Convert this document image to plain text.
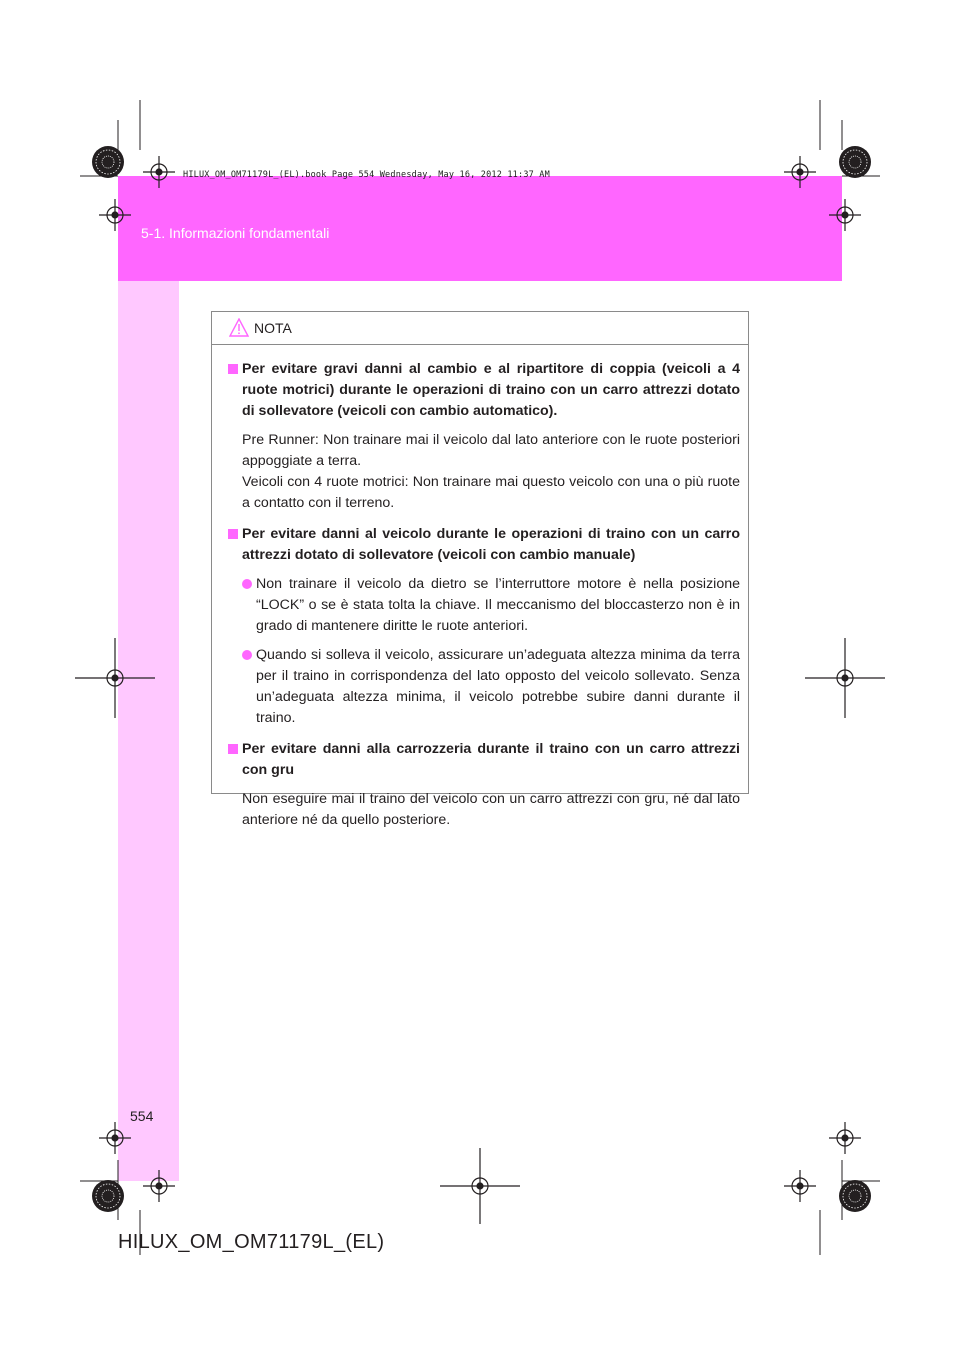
HILUX_OM_OM71179L_(EL).book Page 554 Wednesday, May 16, 2012 11:37 AM
5-1. Informazioni fondamentali
NOTA
Per evitare gravi danni al cambio e al ripartitore di coppia (veicoli a 4 ruote motrici) durante le operazioni di traino con un carro attrezzi dotato di sollevatore (veicoli con cambio automatico).
Pre Runner: Non trainare mai il veicolo dal lato anteriore con le ruote posteriori appoggiate a terra.
Veicoli con 4 ruote motrici: Non trainare mai questo veicolo con una o più ruote a contatto con il terreno.
Per evitare danni al veicolo durante le operazioni di traino con un carro attrezzi dotato di sollevatore (veicoli con cambio manuale)
Non trainare il veicolo da dietro se l’interruttore motore è nella posizione “LOCK” o se è stata tolta la chiave. Il meccanismo del bloccasterzo non è in grado di mantenere diritte le ruote anteriori.
Quando si solleva il veicolo, assicurare un’adeguata altezza minima da terra per il traino in corrispondenza del lato opposto del veicolo sollevato. Senza un’adeguata altezza minima, il veicolo potrebbe subire danni durante il traino.
Per evitare danni alla carrozzeria durante il traino con un carro attrezzi con gru
Non eseguire mai il traino del veicolo con un carro attrezzi con gru, né dal lato anteriore né da quello posteriore.
554
HILUX_OM_OM71179L_(EL)
